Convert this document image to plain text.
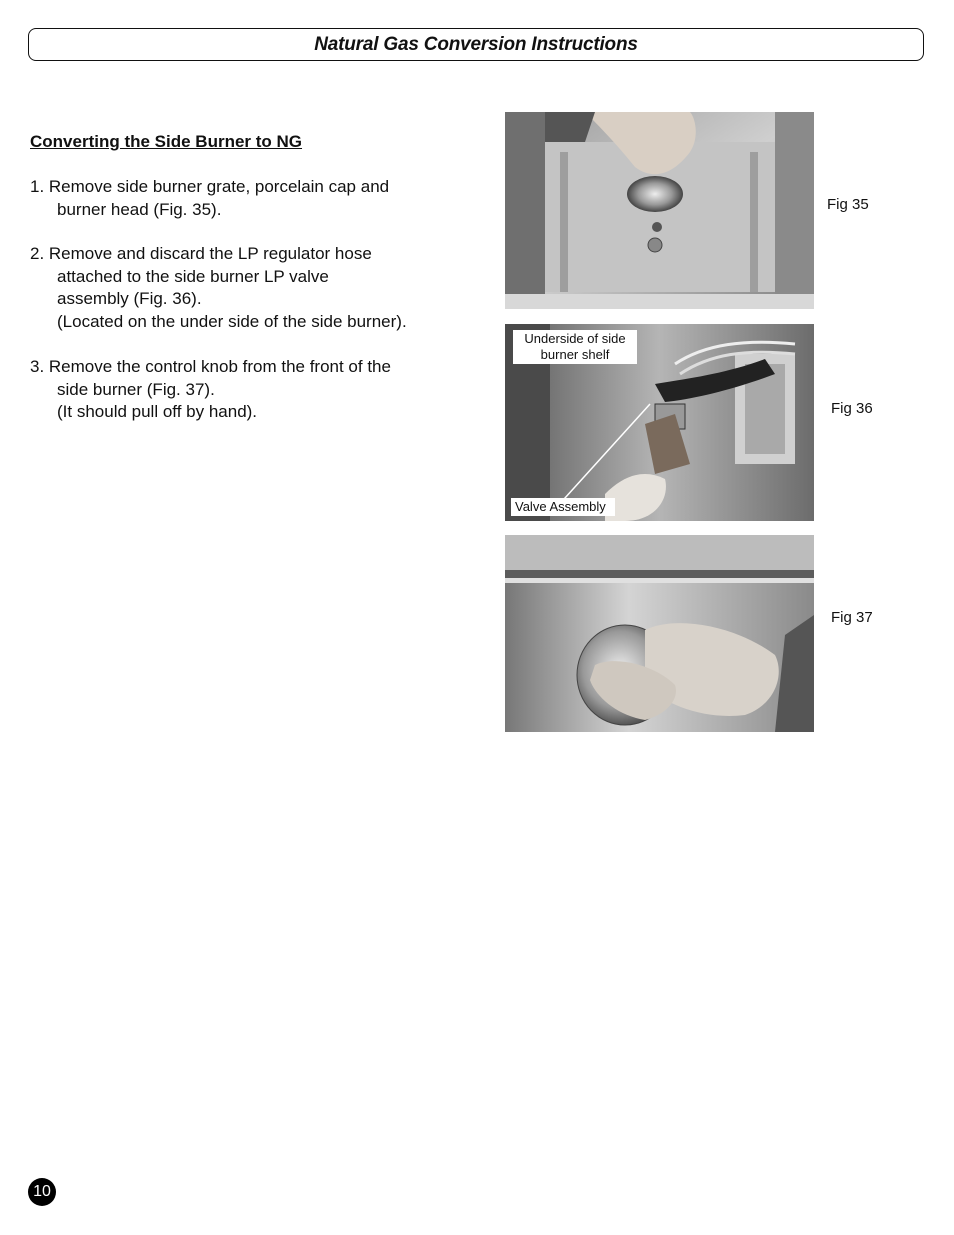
Natural Gas Conversion Instructions
Converting the Side Burner to NG
1. Remove side burner grate, porcelain cap and
burner head (Fig. 35).
2. Remove and discard the LP regulator hose
attached to the side burner LP valve
assembly (Fig. 36).
(Located on the under side of the side burner).
3. Remove the control knob from the front of the
side burner (Fig. 37).
(It should pull off by hand).
Fig 35
Underside of side burner shelf
Valve Assembly
Fig 36
Fig 37
10
